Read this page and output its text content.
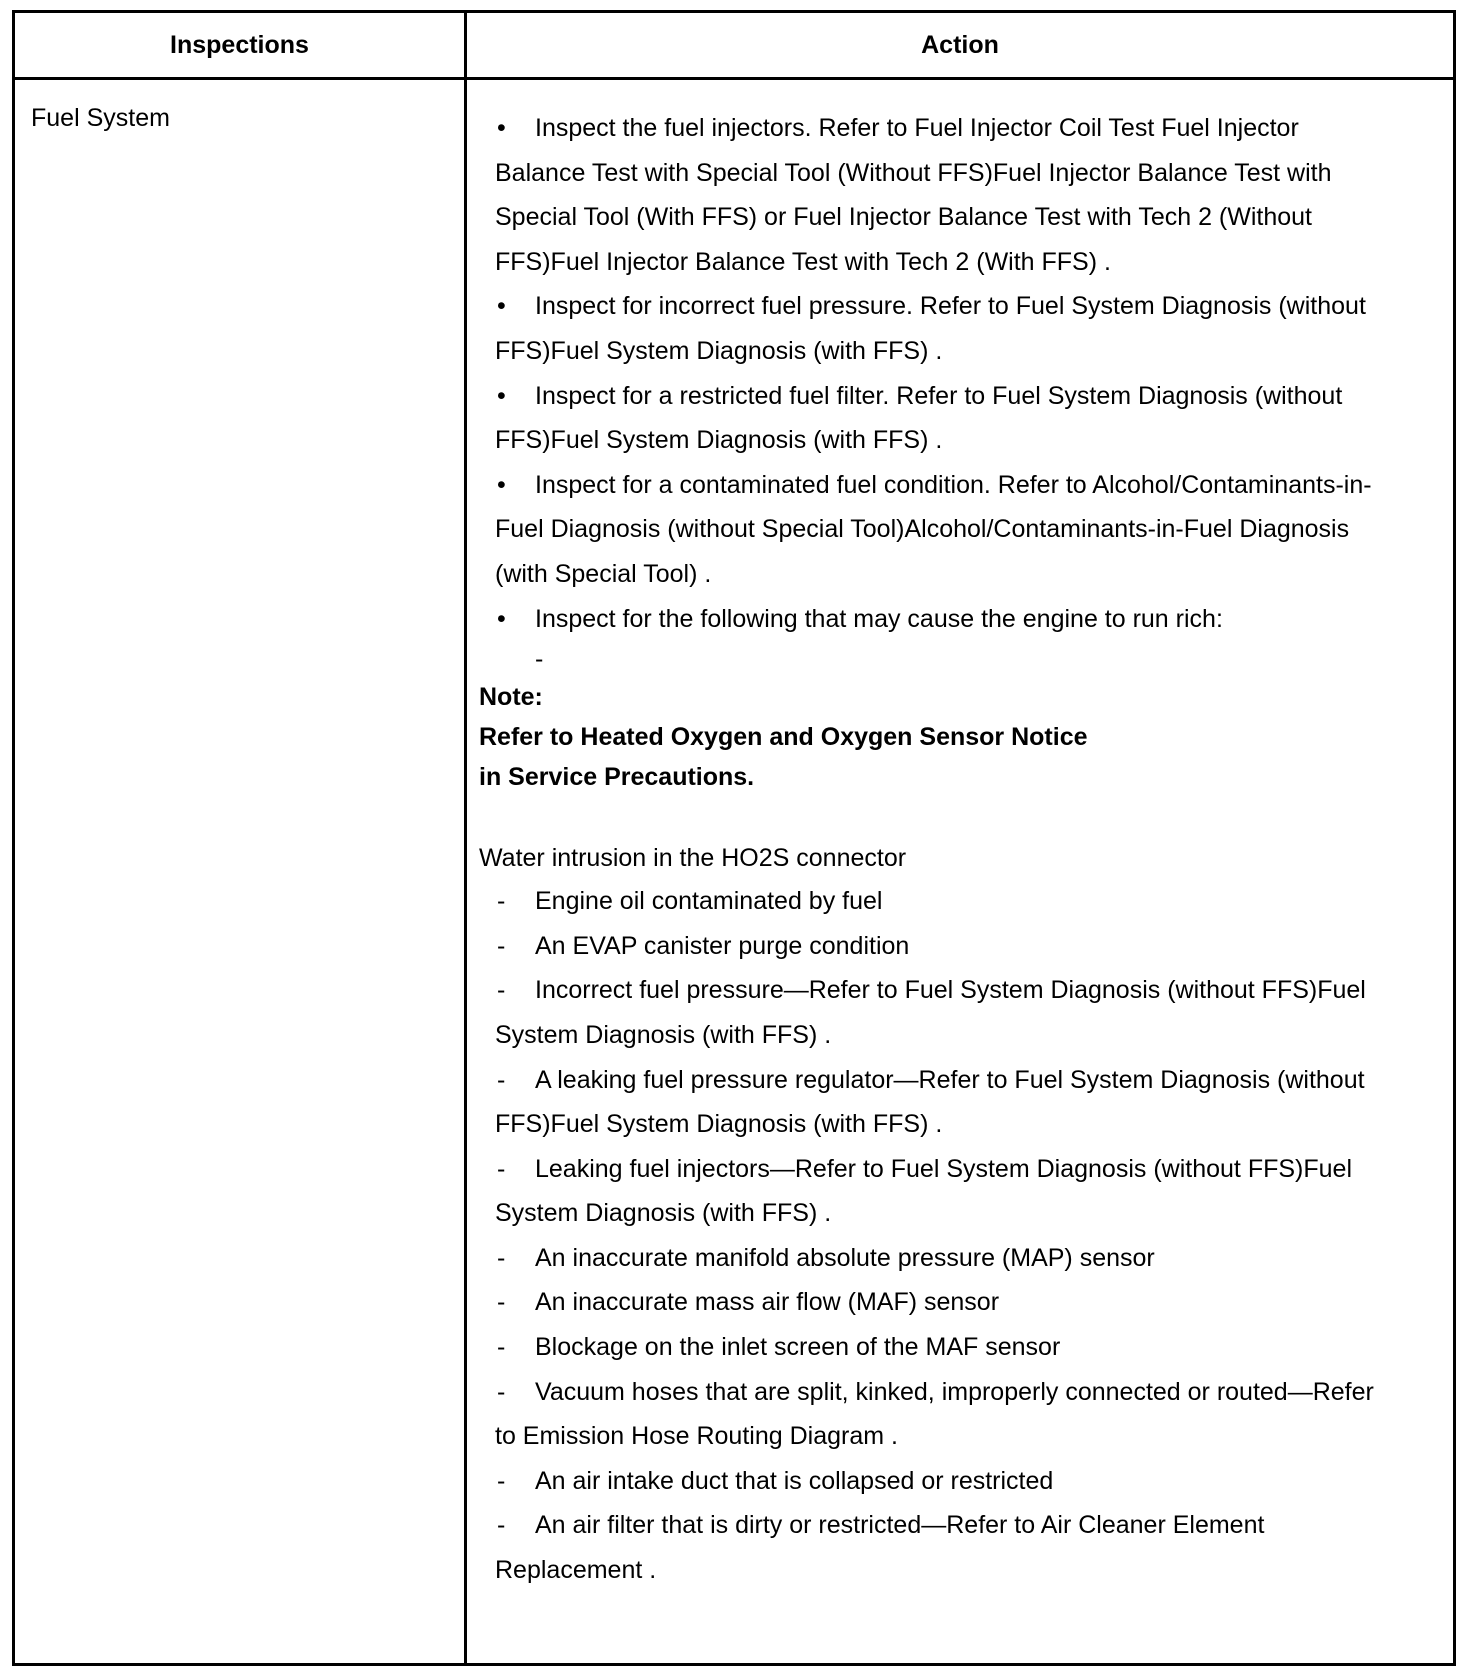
Inspections	Action
Fuel System	• Inspect the fuel injectors. Refer to Fuel Injector Coil Test Fuel Injector Balance Test with Special Tool (Without FFS)Fuel Injector Balance Test with Special Tool (With FFS) or Fuel Injector Balance Test with Tech 2 (Without FFS)Fuel Injector Balance Test with Tech 2 (With FFS) .
• Inspect for incorrect fuel pressure. Refer to Fuel System Diagnosis (without FFS)Fuel System Diagnosis (with FFS) .
• Inspect for a restricted fuel filter. Refer to Fuel System Diagnosis (without FFS)Fuel System Diagnosis (with FFS) .
• Inspect for a contaminated fuel condition. Refer to Alcohol/Contaminants-in-Fuel Diagnosis (without Special Tool)Alcohol/Contaminants-in-Fuel Diagnosis (with Special Tool) .
• Inspect for the following that may cause the engine to run rich:
-
Note:
Refer to Heated Oxygen and Oxygen Sensor Notice
in Service Precautions.
Water intrusion in the HO2S connector
- Engine oil contaminated by fuel
- An EVAP canister purge condition
- Incorrect fuel pressure—Refer to Fuel System Diagnosis (without FFS)Fuel System Diagnosis (with FFS) .
- A leaking fuel pressure regulator—Refer to Fuel System Diagnosis (without FFS)Fuel System Diagnosis (with FFS) .
- Leaking fuel injectors—Refer to Fuel System Diagnosis (without FFS)Fuel System Diagnosis (with FFS) .
- An inaccurate manifold absolute pressure (MAP) sensor
- An inaccurate mass air flow (MAF) sensor
- Blockage on the inlet screen of the MAF sensor
- Vacuum hoses that are split, kinked, improperly connected or routed—Refer to Emission Hose Routing Diagram .
- An air intake duct that is collapsed or restricted
- An air filter that is dirty or restricted—Refer to Air Cleaner Element Replacement .
